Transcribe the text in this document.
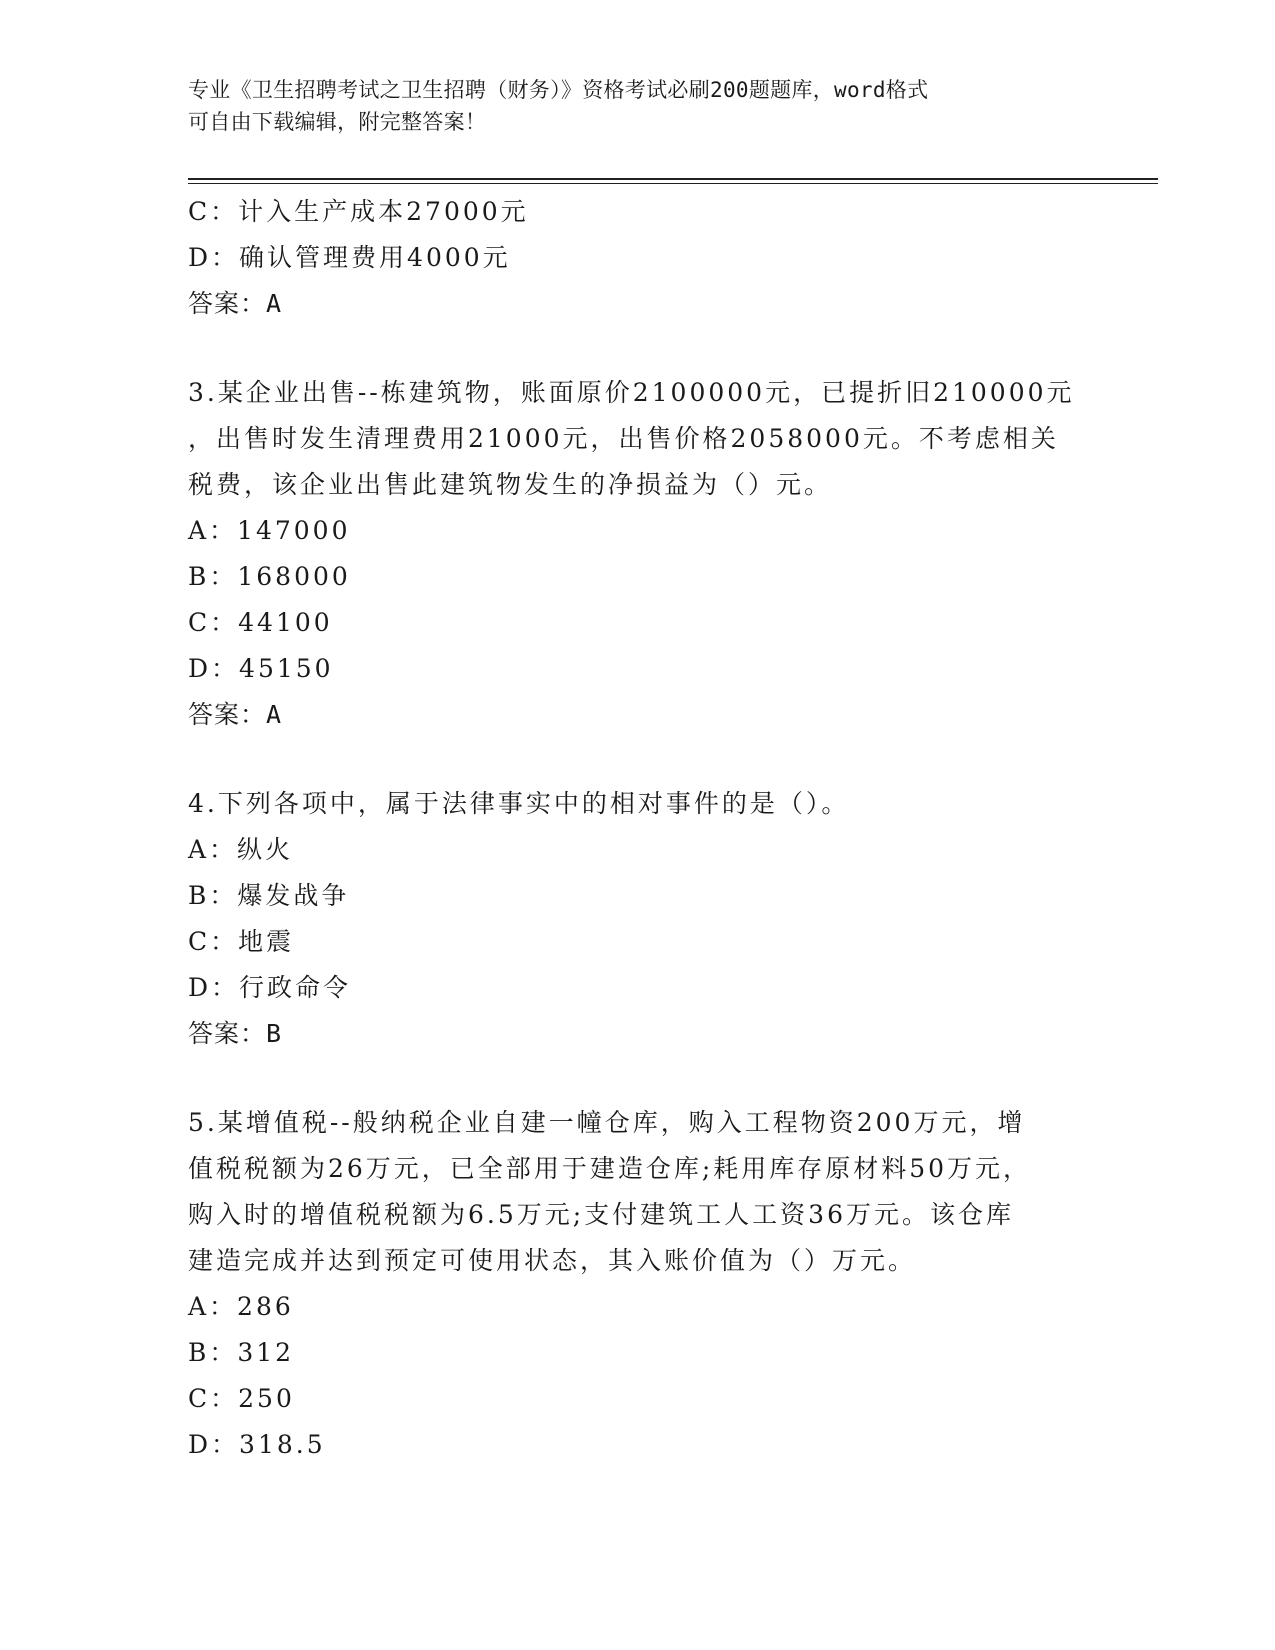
专业《卫生招聘考试之卫生招聘（财务）》资格考试必刷200题题库，word格式
可自由下载编辑，附完整答案！
C：计入生产成本27000元
D：确认管理费用4000元
答案：A
3.某企业出售--栋建筑物，账面原价2100000元，已提折旧210000元
，出售时发生清理费用21000元，出售价格2058000元。不考虑相关
税费，该企业出售此建筑物发生的净损益为（）元。
A：147000
B：168000
C：44100
D：45150
答案：A
4.下列各项中，属于法律事实中的相对事件的是（）。
A：纵火
B：爆发战争
C：地震
D：行政命令
答案：B
5.某增值税--般纳税企业自建一幢仓库，购入工程物资200万元，增
值税税额为26万元，已全部用于建造仓库;耗用库存原材料50万元，
购入时的增值税税额为6.5万元;支付建筑工人工资36万元。该仓库
建造完成并达到预定可使用状态，其入账价值为（）万元。
A：286
B：312
C：250
D：318.5
